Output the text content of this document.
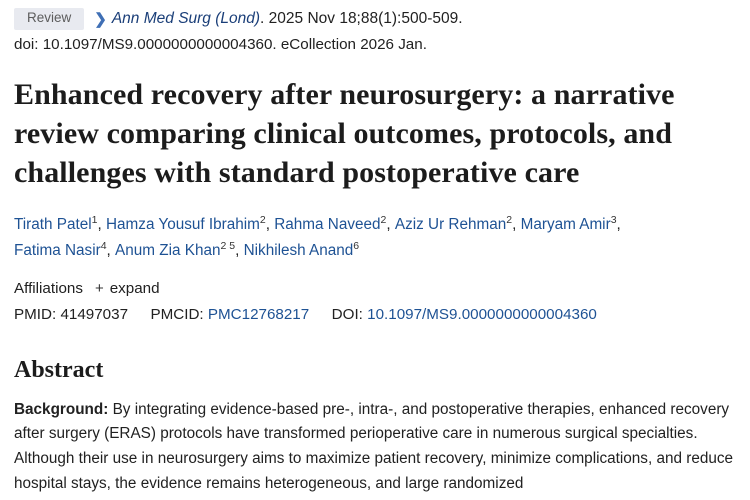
Review	❯ Ann Med Surg (Lond) . 2025 Nov 18;88(1):500-509.
doi: 10.1097/MS9.0000000000004360. eCollection 2026 Jan.
Enhanced recovery after neurosurgery: a narrative review comparing clinical outcomes, protocols, and challenges with standard postoperative care
Tirath Patel$^1$, Hamza Yousuf Ibrahim$^2$, Rahma Naveed$^2$, Aziz Ur Rehman$^2$, Maryam Amir$^3$,
Fatima Nasir$^4$, Anum Zia Khan$^{2 5}$, Nikhilesh Anand$^6$
Affiliations + expand
PMID: 41497037 PMCID: PMC12768217 DOI: 10.1097/MS9.0000000000004360
Abstract
Background: By integrating evidence-based pre-, intra-, and postoperative therapies, enhanced recovery after surgery (ERAS) protocols have transformed perioperative care in numerous surgical specialties. Although their use in neurosurgery aims to maximize patient recovery, minimize complications, and reduce hospital stays, the evidence remains heterogeneous, and large randomized
